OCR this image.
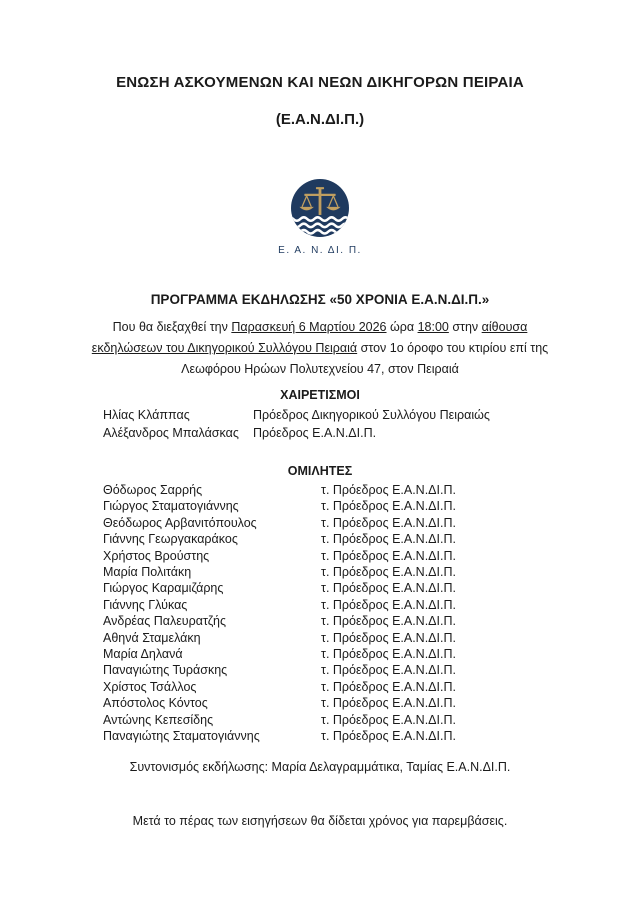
ΕΝΩΣΗ ΑΣΚΟΥΜΕΝΩΝ ΚΑΙ ΝΕΩΝ ΔΙΚΗΓΟΡΩΝ ΠΕΙΡΑΙΑ
(Ε.Α.Ν.ΔΙ.Π.)
Ε. Α. Ν. ΔΙ. Π.
ΠΡΟΓΡΑΜΜΑ ΕΚΔΗΛΩΣΗΣ «50 ΧΡΟΝΙΑ Ε.Α.Ν.ΔΙ.Π.»

Που θα διεξαχθεί την Παρασκευή 6 Μαρτίου 2026 ώρα 18:00 στην αίθουσα εκδηλώσεων του Δικηγορικού Συλλόγου Πειραιά στον 1ο όροφο του κτιρίου επί της Λεωφόρου Ηρώων Πολυτεχνείου 47, στον Πειραιά

ΧΑΙΡΕΤΙΣΜΟΙ
Ηλίας Κλάππας	Πρόεδρος Δικηγορικού Συλλόγου Πειραιώς
Αλέξανδρος Μπαλάσκας	Πρόεδρος Ε.Α.Ν.ΔΙ.Π.
ΟΜΙΛΗΤΕΣ
Θόδωρος Σαρρής	τ. Πρόεδρος Ε.Α.Ν.ΔΙ.Π.
Γιώργος Σταματογιάννης	τ. Πρόεδρος Ε.Α.Ν.ΔΙ.Π.
Θεόδωρος Αρβανιτόπουλος	τ. Πρόεδρος Ε.Α.Ν.ΔΙ.Π.
Γιάννης Γεωργακαράκος	τ. Πρόεδρος Ε.Α.Ν.ΔΙ.Π.
Χρήστος Βρούστης	τ. Πρόεδρος Ε.Α.Ν.ΔΙ.Π.
Μαρία Πολιτάκη	τ. Πρόεδρος Ε.Α.Ν.ΔΙ.Π.
Γιώργος Καραμιζάρης	τ. Πρόεδρος Ε.Α.Ν.ΔΙ.Π.
Γιάννης Γλύκας	τ. Πρόεδρος Ε.Α.Ν.ΔΙ.Π.
Ανδρέας Παλευρατζής	τ. Πρόεδρος Ε.Α.Ν.ΔΙ.Π.
Αθηνά Σταμελάκη	τ. Πρόεδρος Ε.Α.Ν.ΔΙ.Π.
Μαρία Δηλανά	τ. Πρόεδρος Ε.Α.Ν.ΔΙ.Π.
Παναγιώτης Τυράσκης	τ. Πρόεδρος Ε.Α.Ν.ΔΙ.Π.
Χρίστος Τσάλλος	τ. Πρόεδρος Ε.Α.Ν.ΔΙ.Π.
Απόστολος Κόντος	τ. Πρόεδρος Ε.Α.Ν.ΔΙ.Π.
Αντώνης Κεπεσίδης	τ. Πρόεδρος Ε.Α.Ν.ΔΙ.Π.
Παναγιώτης Σταματογιάννης	τ. Πρόεδρος Ε.Α.Ν.ΔΙ.Π.

Συντονισμός εκδήλωσης: Μαρία Δελαγραμμάτικα, Ταμίας Ε.Α.Ν.ΔΙ.Π.

Μετά το πέρας των εισηγήσεων θα δίδεται χρόνος για παρεμβάσεις.
